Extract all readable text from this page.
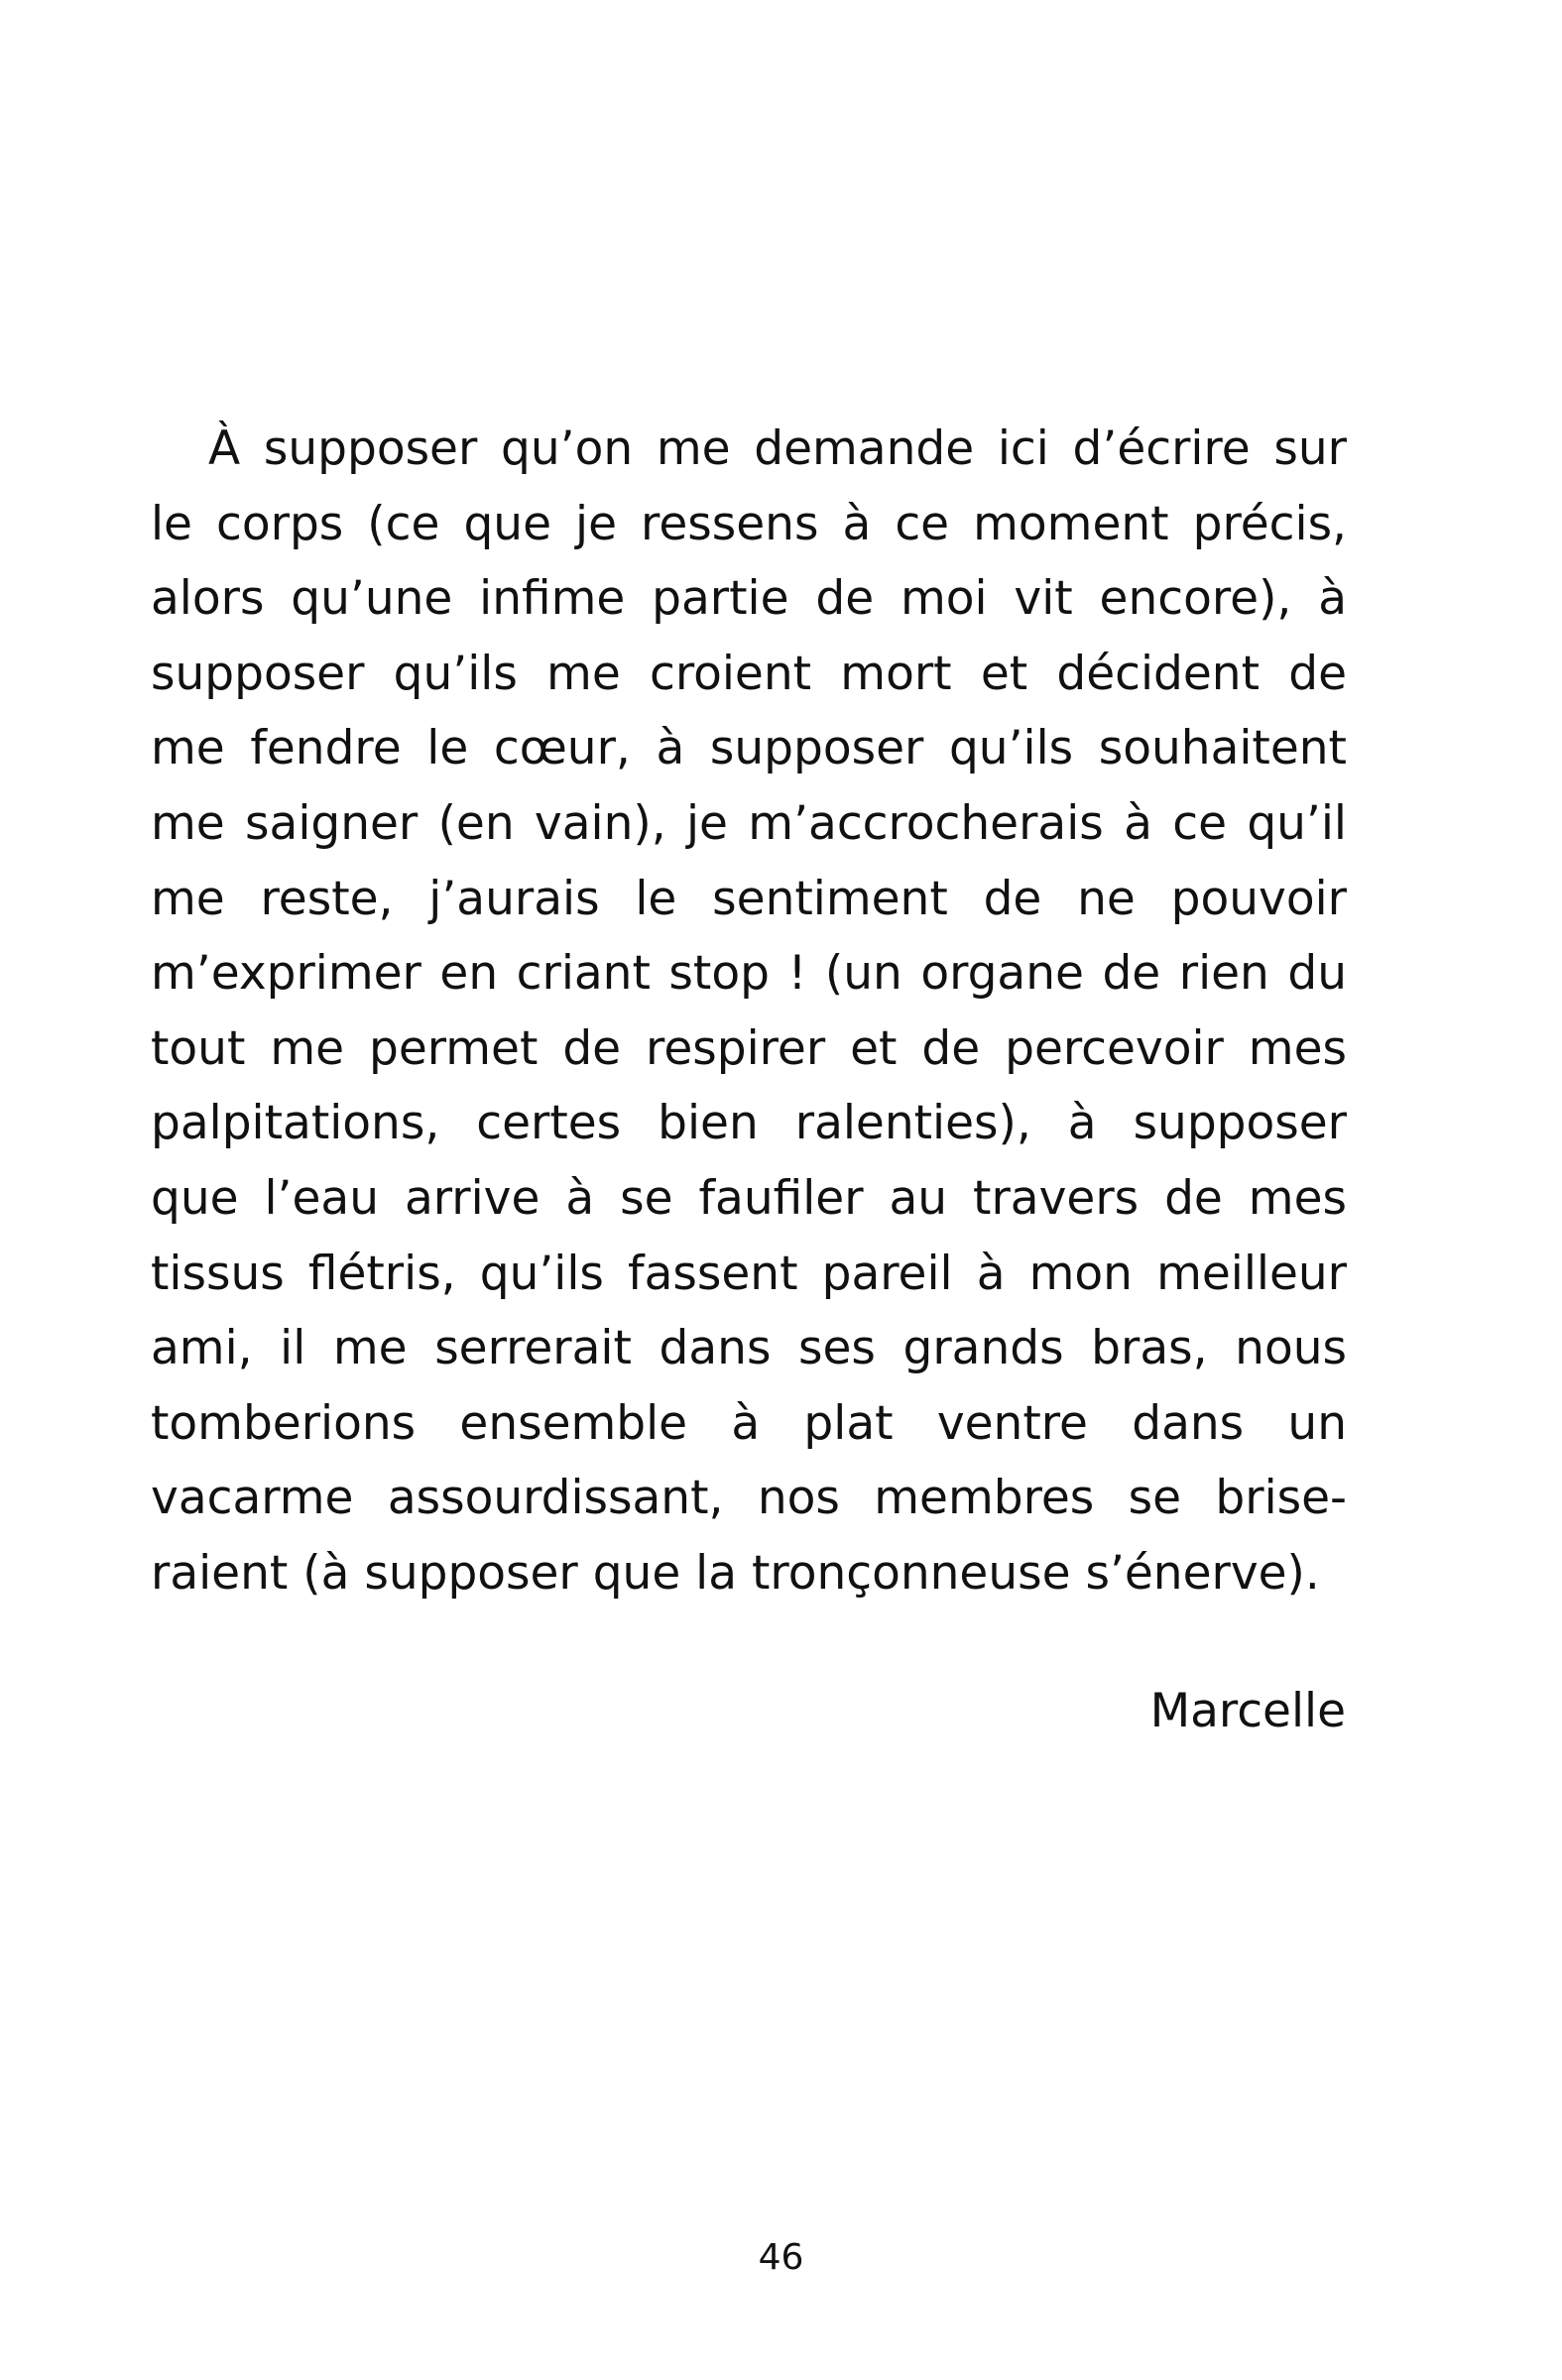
À supposer qu’on me demande ici d’écrire sur
le corps (ce que je ressens à ce moment précis,
alors qu’une infime partie de moi vit encore), à
supposer qu’ils me croient mort et décident de
me fendre le cœur, à supposer qu’ils souhaitent
me saigner (en vain), je m’accrocherais à ce qu’il
me reste, j’aurais le sentiment de ne pouvoir
m’exprimer en criant stop ! (un organe de rien du
tout me permet de respirer et de percevoir mes
palpitations, certes bien ralenties), à supposer
que l’eau arrive à se faufiler au travers de mes
tissus flétris, qu’ils fassent pareil à mon meilleur
ami, il me serrerait dans ses grands bras, nous
tomberions ensemble à plat ventre dans un
vacarme assourdissant, nos membres se brise-
raient (à supposer que la tronçonneuse s’énerve).

Marcelle

46
